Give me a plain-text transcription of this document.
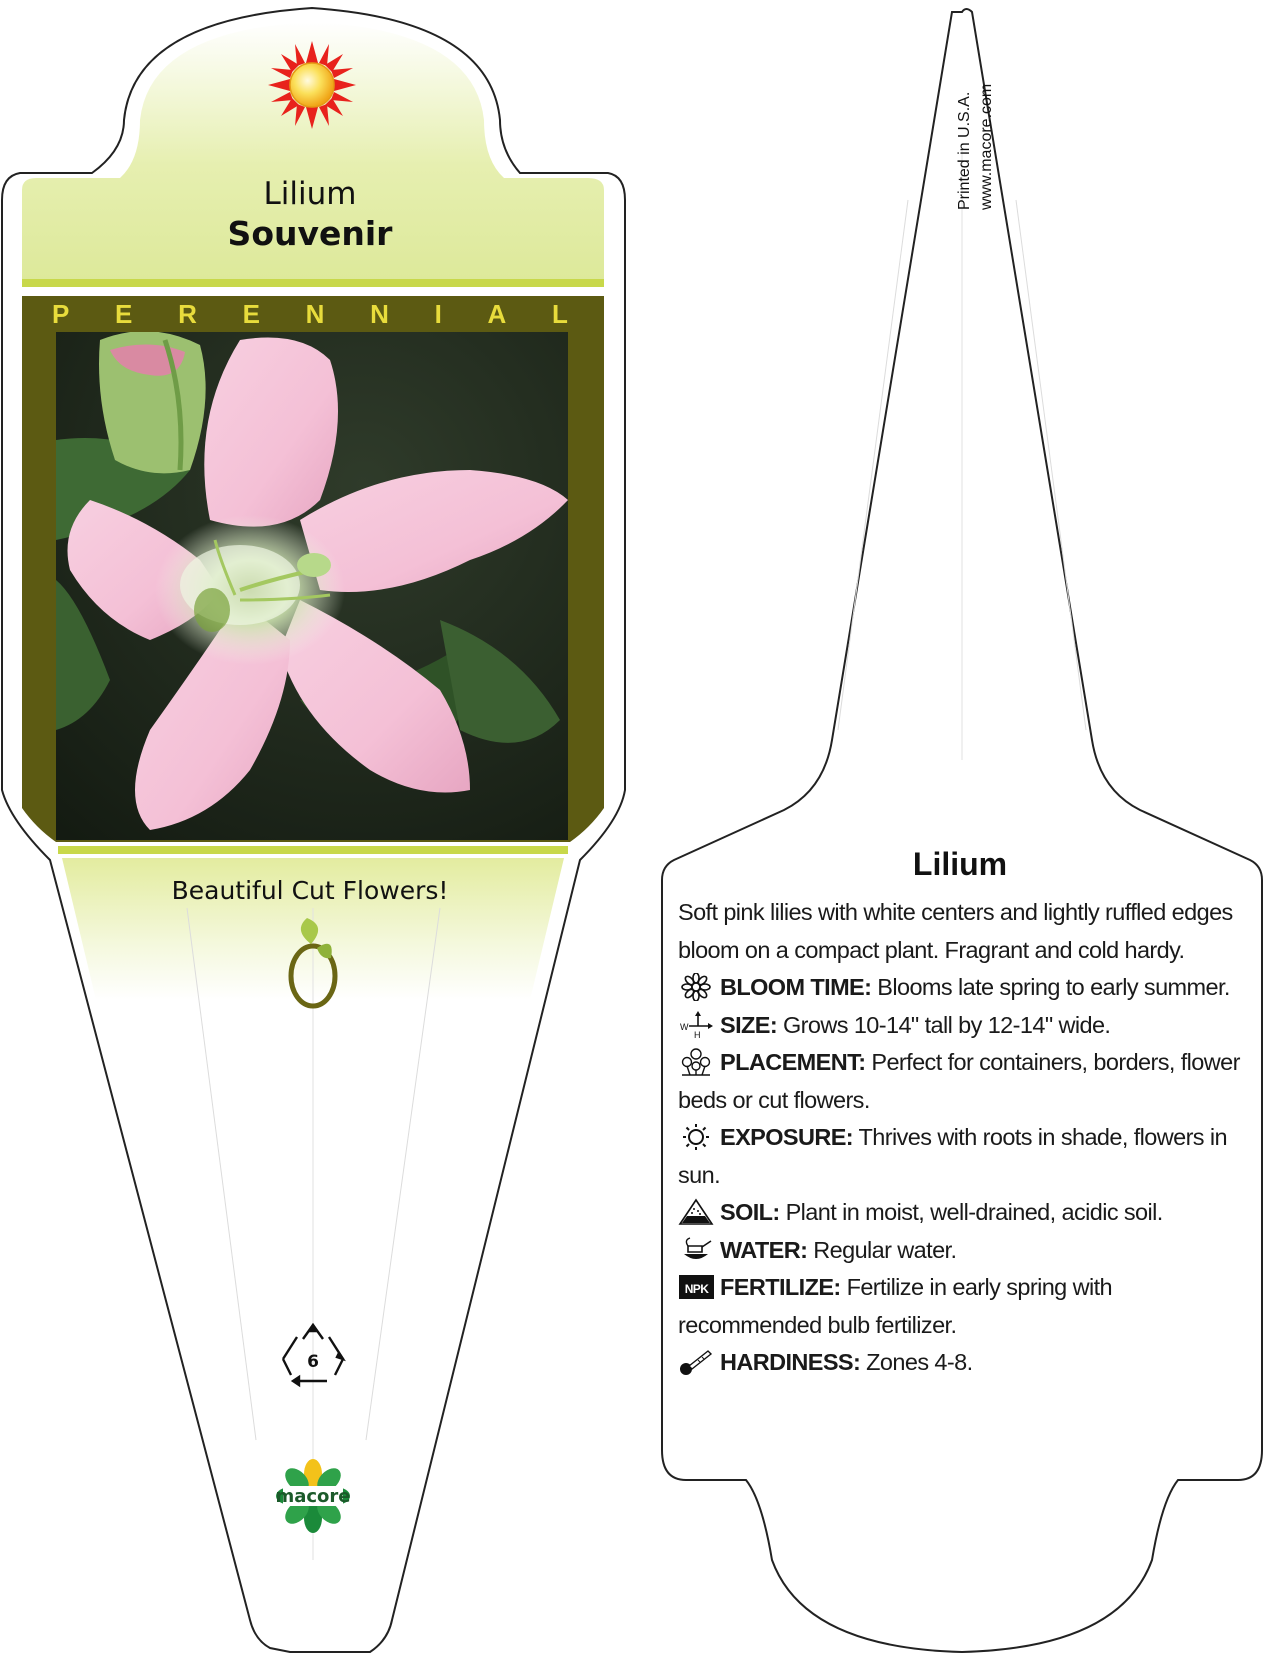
macore
Lilium
Souvenir
P E R E N N I A L
Beautiful Cut Flowers!
6
Printed in U.S.A. www.macore.com
Lilium
Soft pink lilies with white centers and lightly ruffled edges bloom on a compact plant. Fragrant and cold hardy.
BLOOM TIME: Blooms late spring to early summer.
W
H SIZE: Grows 10-14" tall by 12-14" wide.
PLACEMENT: Perfect for containers, borders, flower beds or cut flowers.
EXPOSURE: Thrives with roots in shade, flowers in sun.
SOIL: Plant in moist, well-drained, acidic soil.
WATER: Regular water.
NPK FERTILIZE: Fertilize in early spring with recommended bulb fertilizer.
HARDINESS: Zones 4-8.
